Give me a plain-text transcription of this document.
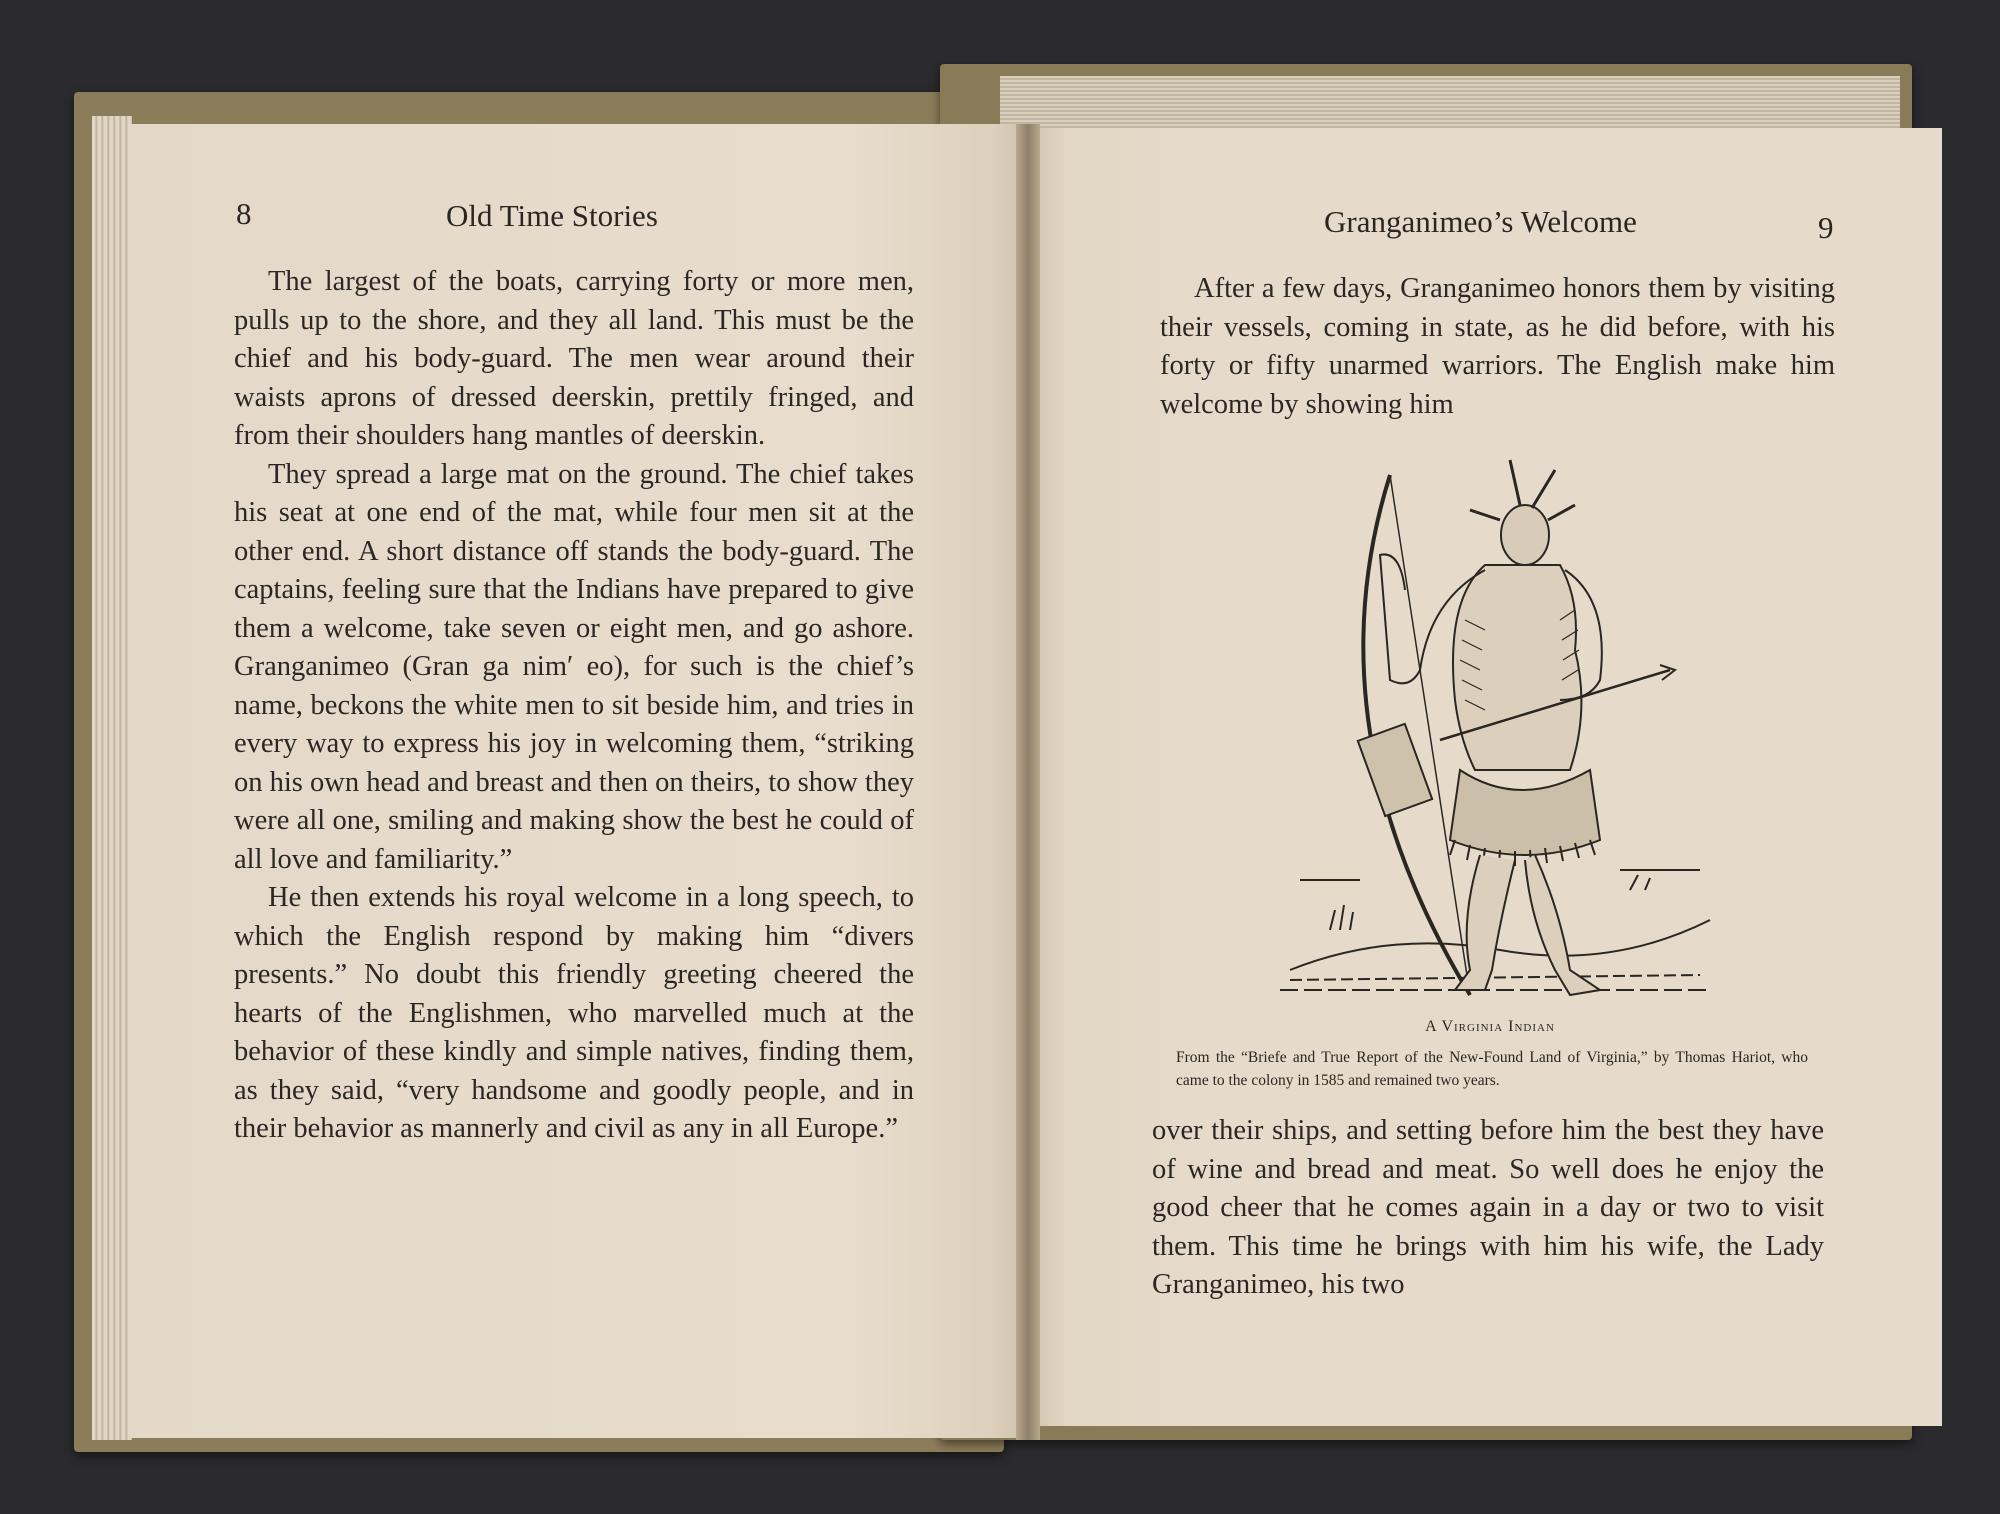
8	Old Time Stories

The largest of the boats, carrying forty or more men, pulls up to the shore, and they all land. This must be the chief and his body-guard. The men wear around their waists aprons of dressed deerskin, prettily fringed, and from their shoulders hang mantles of deerskin.

They spread a large mat on the ground. The chief takes his seat at one end of the mat, while four men sit at the other end. A short distance off stands the body-guard. The captains, feeling sure that the Indians have prepared to give them a welcome, take seven or eight men, and go ashore. Granganimeo (Gran ga nim′ eo), for such is the chief’s name, beckons the white men to sit beside him, and tries in every way to express his joy in welcoming them, “striking on his own head and breast and then on theirs, to show they were all one, smiling and making show the best he could of all love and familiarity.”

He then extends his royal welcome in a long speech, to which the English respond by making him “divers presents.” No doubt this friendly greeting cheered the hearts of the Englishmen, who marvelled much at the behavior of these kindly and simple natives, finding them, as they said, “very handsome and goodly people, and in their behavior as mannerly and civil as any in all Europe.”

Granganimeo’s Welcome	9

After a few days, Granganimeo honors them by visiting their vessels, coming in state, as he did before, with his forty or fifty unarmed warriors. The English make him welcome by showing him

A Virginia Indian
From the “Briefe and True Report of the New-Found Land of Virginia,” by Thomas Hariot, who came to the colony in 1585 and remained two years.

over their ships, and setting before him the best they have of wine and bread and meat. So well does he enjoy the good cheer that he comes again in a day or two to visit them. This time he brings with him his wife, the Lady Granganimeo, his two
